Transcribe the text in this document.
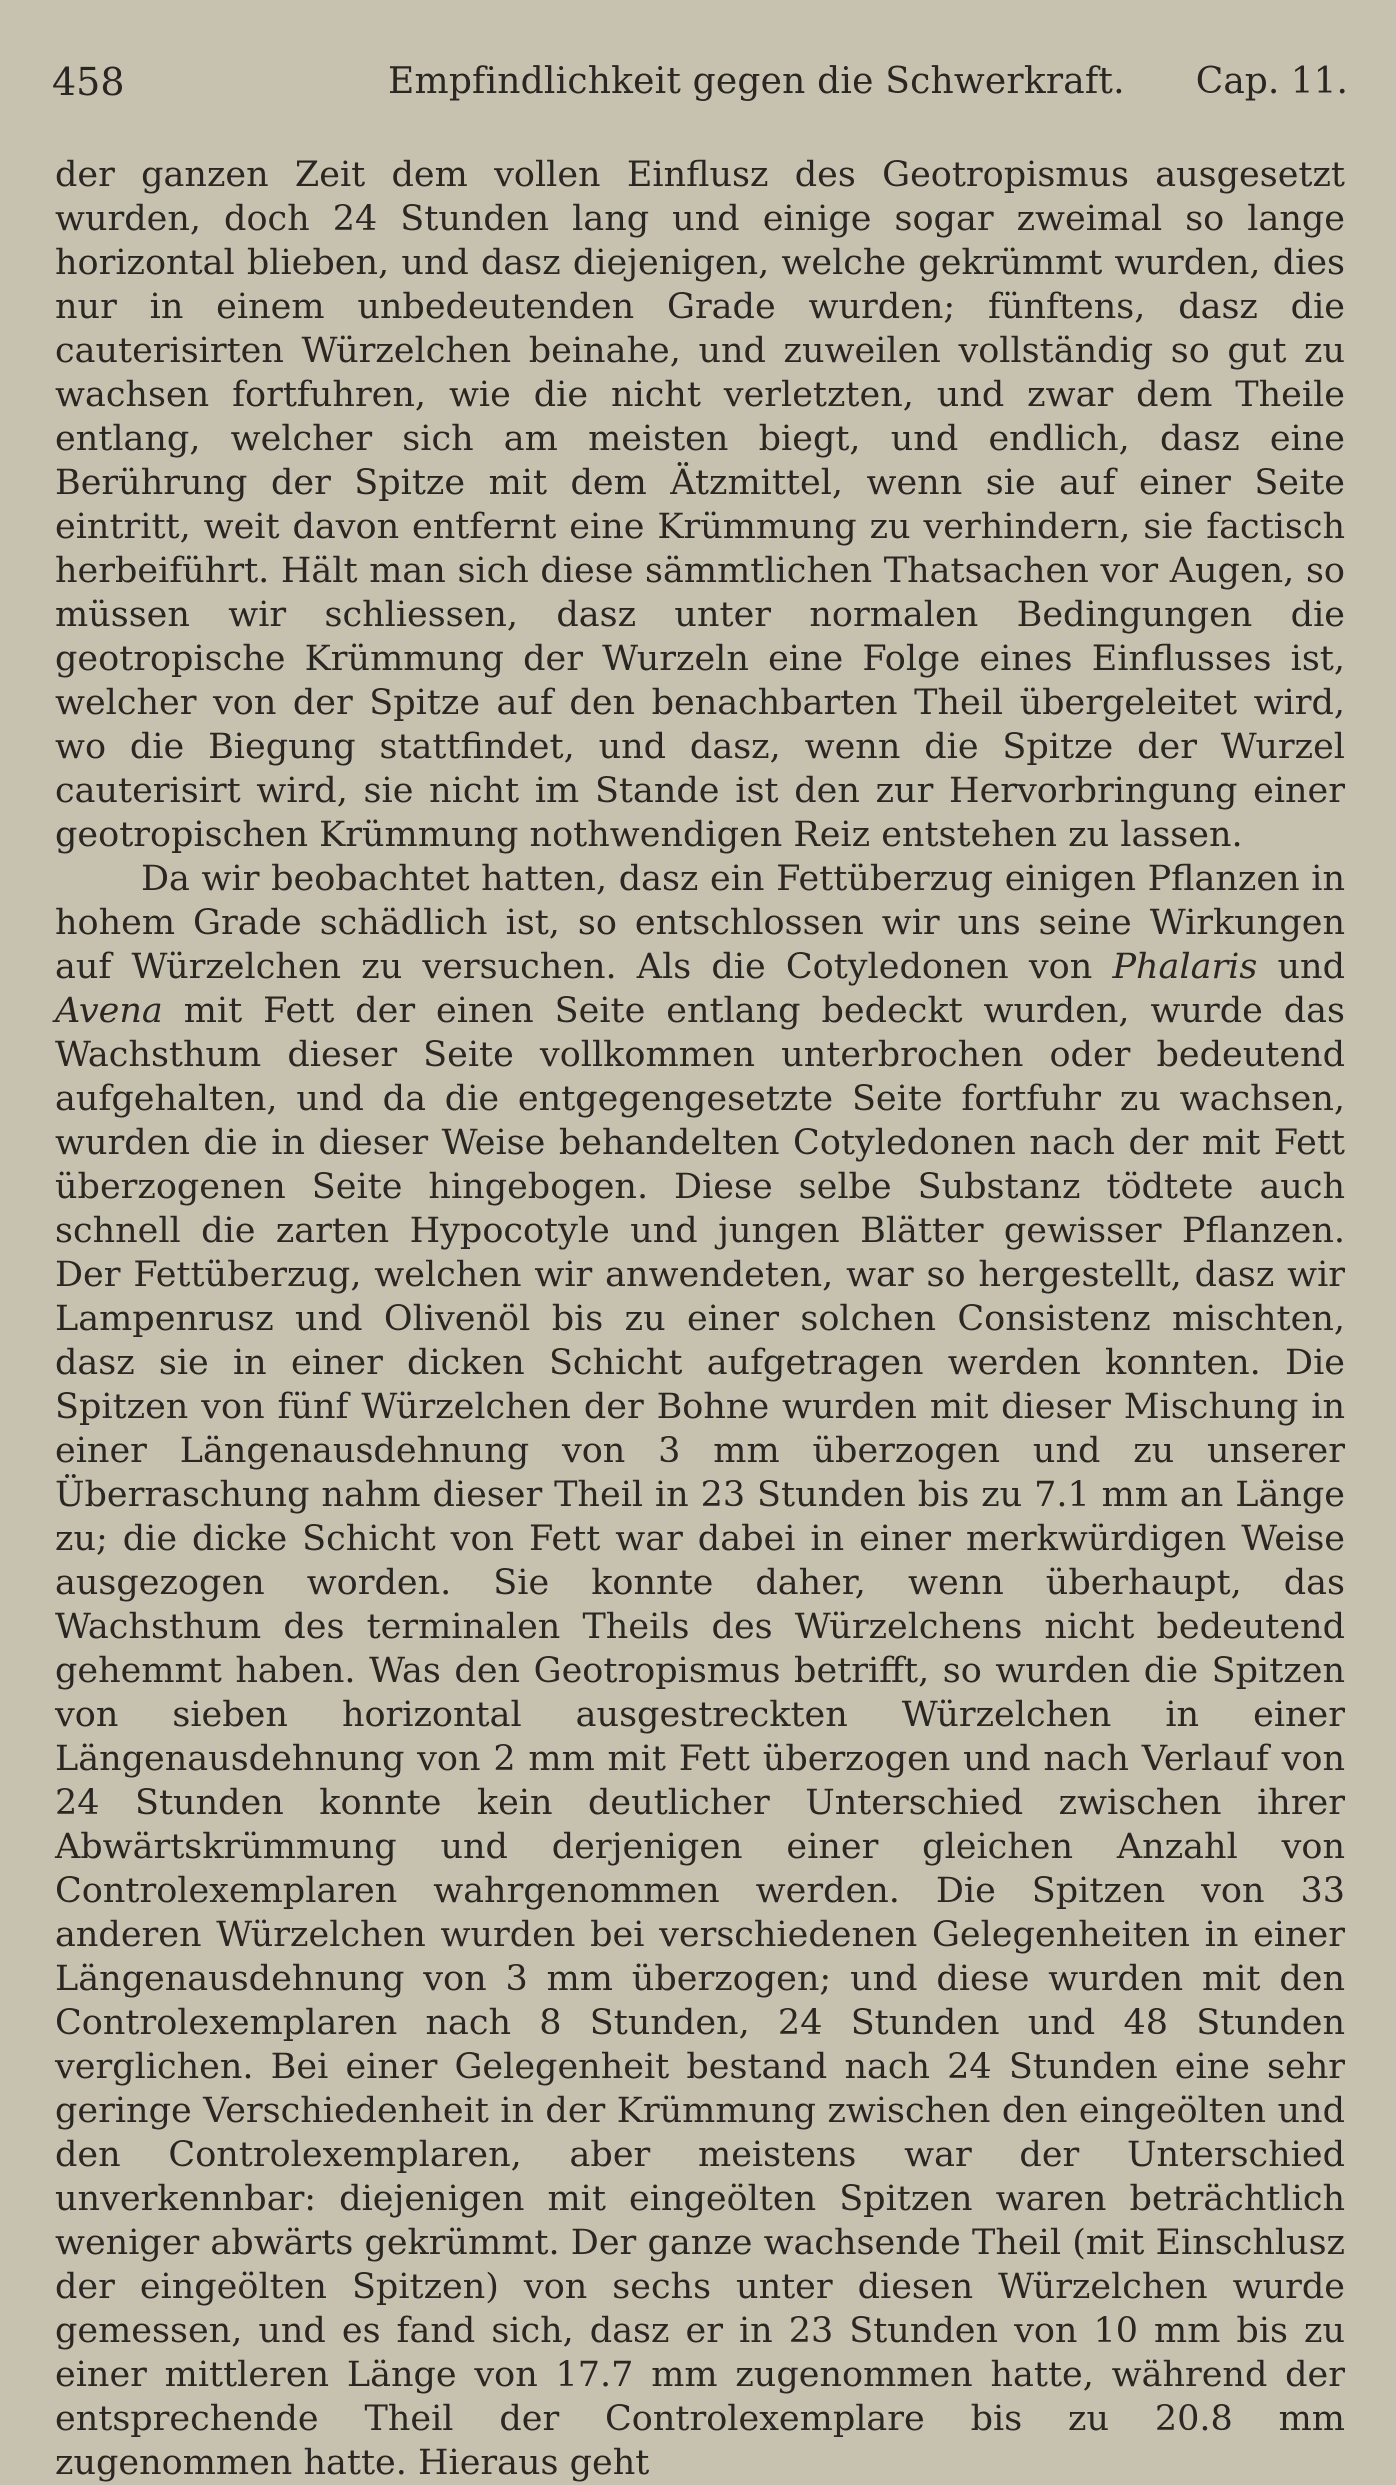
458	Empfindlichkeit gegen die Schwerkraft. Cap. 11.

der ganzen Zeit dem vollen Einflusz des Geotropismus ausgesetzt wurden, doch 24 Stunden lang und einige sogar zweimal so lange horizontal blieben, und dasz diejenigen, welche gekrümmt wurden, dies nur in einem unbedeutenden Grade wurden; fünftens, dasz die cauterisirten Würzelchen beinahe, und zuweilen vollständig so gut zu wachsen fortfuhren, wie die nicht verletzten, und zwar dem Theile entlang, welcher sich am meisten biegt, und endlich, dasz eine Berührung der Spitze mit dem Ätzmittel, wenn sie auf einer Seite eintritt, weit davon entfernt eine Krümmung zu verhindern, sie factisch herbeiführt. Hält man sich diese sämmtlichen Thatsachen vor Augen, so müssen wir schliessen, dasz unter normalen Bedingungen die geotropische Krümmung der Wurzeln eine Folge eines Einflusses ist, welcher von der Spitze auf den benachbarten Theil übergeleitet wird, wo die Biegung stattfindet, und dasz, wenn die Spitze der Wurzel cauterisirt wird, sie nicht im Stande ist den zur Hervorbringung einer geotropischen Krümmung nothwendigen Reiz entstehen zu lassen.

Da wir beobachtet hatten, dasz ein Fettüberzug einigen Pflanzen in hohem Grade schädlich ist, so entschlossen wir uns seine Wirkungen auf Würzelchen zu versuchen. Als die Cotyledonen von Phalaris und Avena mit Fett der einen Seite entlang bedeckt wurden, wurde das Wachsthum dieser Seite vollkommen unterbrochen oder bedeutend aufgehalten, und da die entgegengesetzte Seite fortfuhr zu wachsen, wurden die in dieser Weise behandelten Cotyledonen nach der mit Fett überzogenen Seite hingebogen. Diese selbe Substanz tödtete auch schnell die zarten Hypocotyle und jungen Blätter gewisser Pflanzen. Der Fettüberzug, welchen wir anwendeten, war so hergestellt, dasz wir Lampenrusz und Olivenöl bis zu einer solchen Consistenz mischten, dasz sie in einer dicken Schicht aufgetragen werden konnten. Die Spitzen von fünf Würzelchen der Bohne wurden mit dieser Mischung in einer Längenausdehnung von 3 mm überzogen und zu unserer Überraschung nahm dieser Theil in 23 Stunden bis zu 7.1 mm an Länge zu; die dicke Schicht von Fett war dabei in einer merkwürdigen Weise ausgezogen worden. Sie konnte daher, wenn überhaupt, das Wachsthum des terminalen Theils des Würzelchens nicht bedeutend gehemmt haben. Was den Geotropismus betrifft, so wurden die Spitzen von sieben horizontal ausgestreckten Würzelchen in einer Längenausdehnung von 2 mm mit Fett überzogen und nach Verlauf von 24 Stunden konnte kein deutlicher Unterschied zwischen ihrer Abwärtskrümmung und derjenigen einer gleichen Anzahl von Controlexemplaren wahrgenommen werden. Die Spitzen von 33 anderen Würzelchen wurden bei verschiedenen Gelegenheiten in einer Längenausdehnung von 3 mm überzogen; und diese wurden mit den Controlexemplaren nach 8 Stunden, 24 Stunden und 48 Stunden verglichen. Bei einer Gelegenheit bestand nach 24 Stunden eine sehr geringe Verschiedenheit in der Krümmung zwischen den eingeölten und den Controlexemplaren, aber meistens war der Unterschied unverkennbar: diejenigen mit eingeölten Spitzen waren beträchtlich weniger abwärts gekrümmt. Der ganze wachsende Theil (mit Einschlusz der eingeölten Spitzen) von sechs unter diesen Würzelchen wurde gemessen, und es fand sich, dasz er in 23 Stunden von 10 mm bis zu einer mittleren Länge von 17.7 mm zugenommen hatte, während der entsprechende Theil der Controlexemplare bis zu 20.8 mm zugenommen hatte. Hieraus geht
